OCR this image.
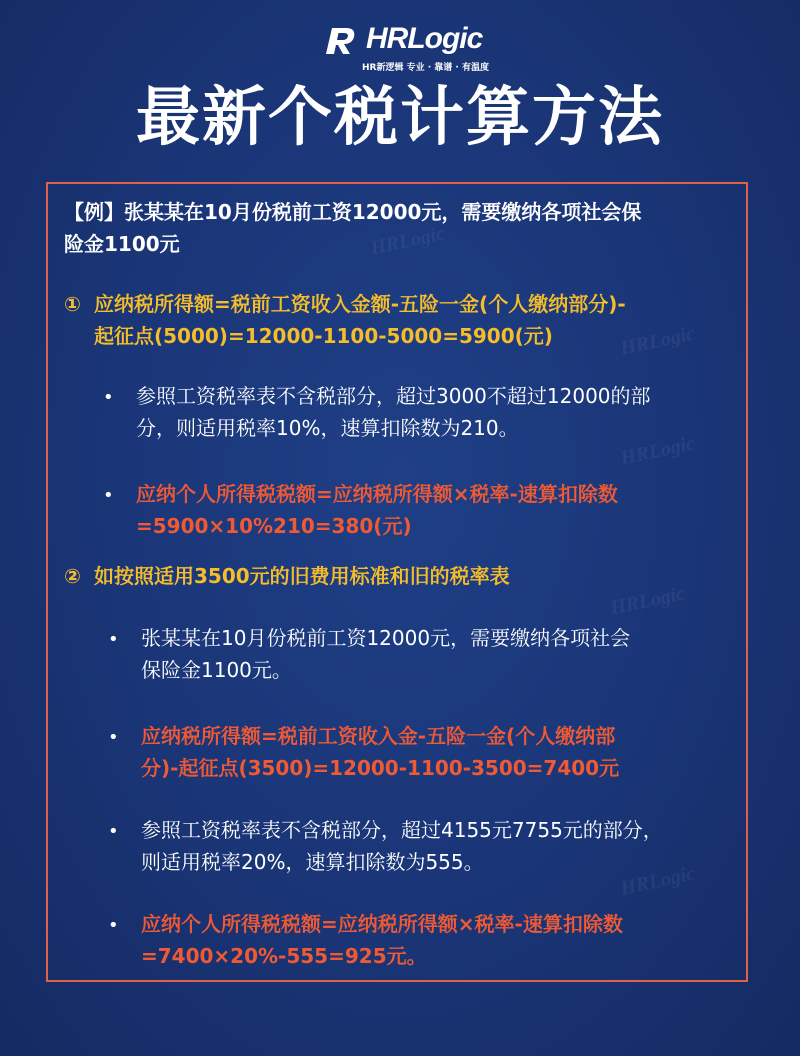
HRLogic
HRLogic
HRLogic
HRLogic
HRLogic
HRLogic
HR新逻辑 专业 · 靠谱 · 有温度
最新个税计算方法
【例】张某某在10月份税前工资12000元，需要缴纳各项社会保
险金1100元
① 应纳税所得额=税前工资收入金额-五险一金(个人缴纳部分)-
起征点(5000)=12000-1100-5000=5900(元)
• 参照工资税率表不含税部分，超过3000不超过12000的部
分，则适用税率10%，速算扣除数为210。
• 应纳个人所得税税额=应纳税所得额×税率-速算扣除数
=5900×10%210=380(元)
② 如按照适用3500元的旧费用标准和旧的税率表
• 张某某在10月份税前工资12000元，需要缴纳各项社会
保险金1100元。
• 应纳税所得额=税前工资收入金-五险一金(个人缴纳部
分)-起征点(3500)=12000-1100-3500=7400元
• 参照工资税率表不含税部分，超过4155元7755元的部分，
则适用税率20%，速算扣除数为555。
• 应纳个人所得税税额=应纳税所得额×税率-速算扣除数
=7400×20%-555=925元。
